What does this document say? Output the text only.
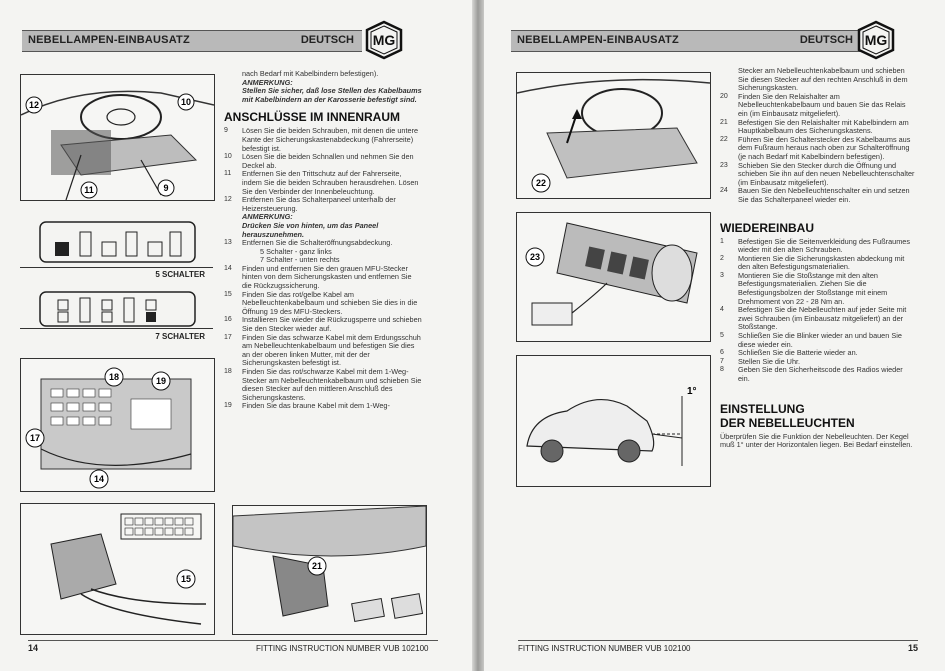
NEBELLAMPEN-EINBAUSATZ	DEUTSCH MG
12	10
11	9
5 SCHALTER
7 SCHALTER
18	19
17
14
15
21
nach Bedarf mit Kabelbindern befestigen).
ANMERKUNG:
Stellen Sie sicher, daß lose Stellen des Kabelbaums mit Kabelbindern an der Karosserie befestigt sind.
ANSCHLÜSSE IM INNENRAUM
9	Lösen Sie die beiden Schrauben, mit denen die untere Kante der Sicherungskastenabdeckung (Fahrerseite) befestigt ist.
10	Lösen Sie die beiden Schnallen und nehmen Sie den Deckel ab.
11	Entfernen Sie den Trittschutz auf der Fahrerseite, indem Sie die beiden Schrauben herausdrehen. Lösen Sie den Verbinder der Innenbeleuchtung.
12	Entfernen Sie das Schalterpaneel unterhalb der Heizersteuerung.
ANMERKUNG:
Drücken Sie von hinten, um das Paneel herauszunehmen.
13	Entfernen Sie die Schalteröffnungsabdeckung.
5 Schalter - ganz links
7 Schalter - unten rechts
14	Finden und entfernen Sie den grauen MFU-Stecker hinten von dem Sicherungskasten und entfernen Sie die Rückzugssicherung.
15	Finden Sie das rot/gelbe Kabel am Nebelleuchtenkabelbaum und schieben Sie dies in die Öffnung 19 des MFU-Steckers.
16	Installieren Sie wieder die Rückzugsperre und schieben Sie den Stecker wieder auf.
17	Finden Sie das schwarze Kabel mit dem Erdungsschuh am Nebelleuchtenkabelbaum und befestigen Sie dies an der oberen linken Mutter, mit der der Sicherungskasten befestigt ist.
18	Finden Sie das rot/schwarze Kabel mit dem 1-Weg-Stecker am Nebelleuchtenkabelbaum und schieben Sie diesen Stecker auf den mittleren Anschluß des Sicherungskastens.
19	Finden Sie das braune Kabel mit dem 1-Weg-
14	FITTING INSTRUCTION NUMBER VUB 102100
NEBELLAMPEN-EINBAUSATZ	DEUTSCH MG
22
23
1°
Stecker am Nebelleuchtenkabelbaum und schieben Sie diesen Stecker auf den rechten Anschluß in dem Sicherungskasten.
20	Finden Sie den Relaishalter am Nebelleuchtenkabelbaum und bauen Sie das Relais ein (im Einbausatz mitgeliefert).
21	Befestigen Sie den Relaishalter mit Kabelbindern am Hauptkabelbaum des Sicherungskastens.
22	Führen Sie den Schalterstecker des Kabelbaums aus dem Fußraum heraus nach oben zur Schalteröffnung (je nach Bedarf mit Kabelbindern befestigen).
23	Schieben Sie den Stecker durch die Öffnung und schieben Sie ihn auf den neuen Nebelleuchtenschalter (im Einbausatz mitgeliefert).
24	Bauen Sie den Nebelleuchtenschalter ein und setzen Sie das Schalterpaneel wieder ein.
WIEDEREINBAU
1	Befestigen Sie die Seitenverkleidung des Fußraumes wieder mit den alten Schrauben.
2	Montieren Sie die Sicherungskasten abdeckung mit den alten Befestigungsmaterialien.
3	Montieren Sie die Stoßstange mit den alten Befestigungsmaterialien. Ziehen Sie die Befestigungsbolzen der Stoßstange mit einem Drehmoment von 22 - 28 Nm an.
4	Befestigen Sie die Nebelleuchten auf jeder Seite mit zwei Schrauben (im Einbausatz mitgeliefert) an der Stoßstange.
5	Schließen Sie die Blinker wieder an und bauen Sie diese wieder ein.
6	Schließen Sie die Batterie wieder an.
7	Stellen Sie die Uhr.
8	Geben Sie den Sicherheitscode des Radios wieder ein.
EINSTELLUNG
DER NEBELLEUCHTEN
Überprüfen Sie die Funktion der Nebelleuchten. Der Kegel muß 1° unter der Horizontalen liegen. Bei Bedarf einstellen.
FITTING INSTRUCTION NUMBER VUB 102100	15
